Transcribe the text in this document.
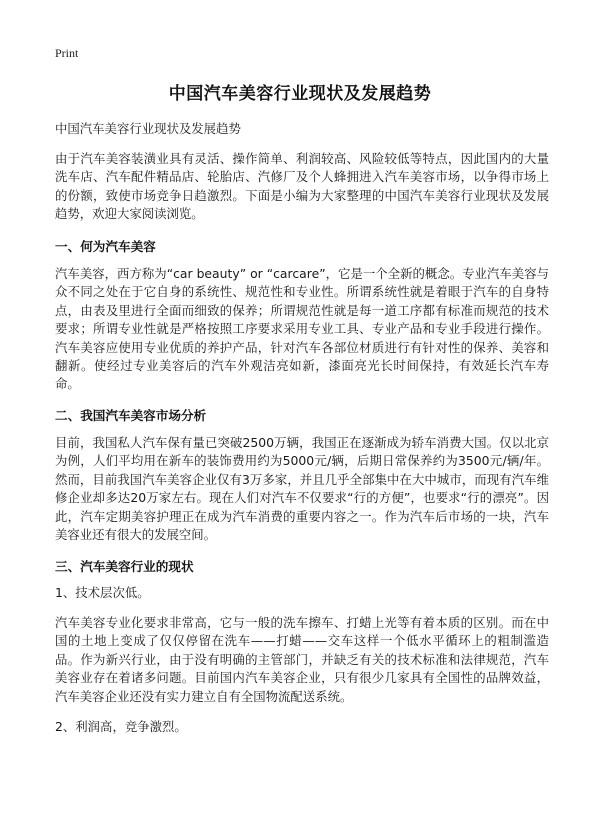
Print
中国汽车美容行业现状及发展趋势
中国汽车美容行业现状及发展趋势
由于汽车美容装潢业具有灵活、操作简单、利润较高、风险较低等特点，因此国内的大量洗车店、汽车配件精品店、轮胎店、汽修厂及个人蜂拥进入汽车美容市场，以争得市场上的份额，致使市场竞争日趋激烈。下面是小编为大家整理的中国汽车美容行业现状及发展趋势，欢迎大家阅读浏览。
一、何为汽车美容
汽车美容，西方称为“car beauty” or “carcare”，它是一个全新的概念。专业汽车美容与众不同之处在于它自身的系统性、规范性和专业性。所谓系统性就是着眼于汽车的自身特点，由表及里进行全面而细致的保养；所谓规范性就是每一道工序都有标准而规范的技术要求；所谓专业性就是严格按照工序要求采用专业工具、专业产品和专业手段进行操作。汽车美容应使用专业优质的养护产品，针对汽车各部位材质进行有针对性的保养、美容和翻新。使经过专业美容后的汽车外观洁亮如新，漆面亮光长时间保持，有效延长汽车寿命。
二、我国汽车美容市场分析
目前，我国私人汽车保有量已突破2500万辆，我国正在逐渐成为轿车消费大国。仅以北京为例，人们平均用在新车的装饰费用约为5000元/辆，后期日常保养约为3500元/辆/年。然而，目前我国汽车美容企业仅有3万多家，并且几乎全部集中在大中城市，而现有汽车维修企业却多达20万家左右。现在人们对汽车不仅要求“行的方便”，也要求“行的漂亮”。因此，汽车定期美容护理正在成为汽车消费的重要内容之一。作为汽车后市场的一块，汽车美容业还有很大的发展空间。
三、汽车美容行业的现状
1、技术层次低。
汽车美容专业化要求非常高，它与一般的洗车擦车、打蜡上光等有着本质的区别。而在中国的土地上变成了仅仅停留在洗车——打蜡——交车这样一个低水平循环上的粗制滥造品。作为新兴行业，由于没有明确的主管部门，并缺乏有关的技术标准和法律规范，汽车美容业存在着诸多问题。目前国内汽车美容企业，只有很少几家具有全国性的品牌效益，汽车美容企业还没有实力建立自有全国物流配送系统。
2、利润高，竞争激烈。
